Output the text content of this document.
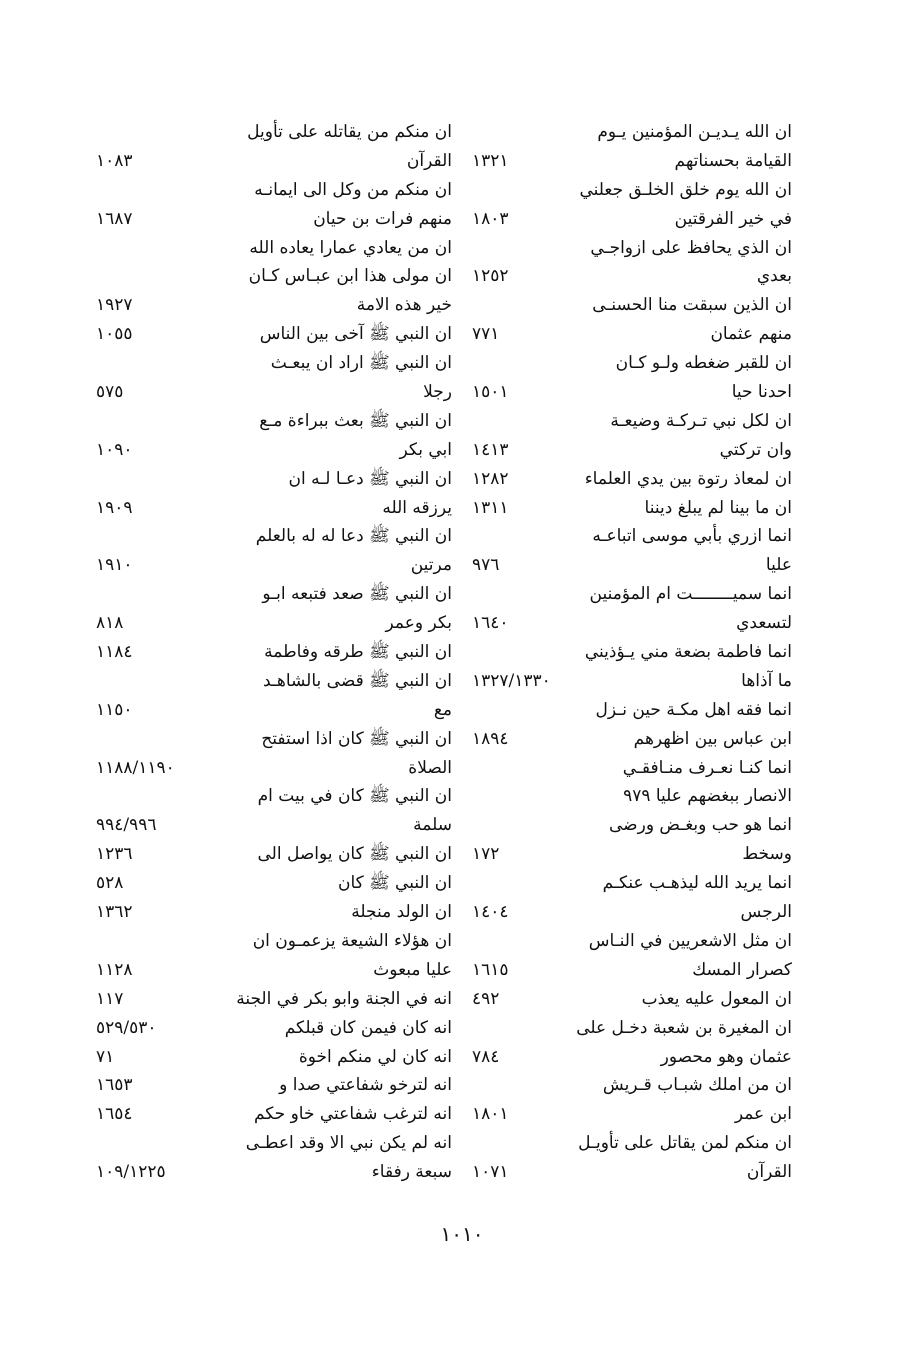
ان الله يـديـن المؤمنين يـوم
القيامة بحسناتهم
١٣٢١
ان الله يوم خلق الخلـق جعلني
في خير الفرقتين
١٨٠٣
ان الذي يحافظ على ازواجـي
بعدي
١٢٥٢
ان الذين سبقت منا الحسنـى
منهم عثمان
٧٧١
ان للقبر ضغطه ولـو كـان
احدنا حيا
١٥٠١
ان لكل نبي تـركـة وضيعـة
وان تركتي
١٤١٣
ان لمعاذ رتوة بين يدي العلماء
١٢٨٢
ان ما بينا لم يبلغ ديننا
١٣١١
انما ازري بأبي موسى اتباعـه
عليا
٩٧٦
انما سميــــــــت ام المؤمنين
لتسعدي
١٦٤٠
انما فاطمة بضعة مني يـؤذيني
ما آذاها
١٣٢٧/١٣٣٠
انما فقه اهل مكـة حين نـزل
ابن عباس بين اظهرهم
١٨٩٤
انما كنـا نعـرف منـافقـي
الانصار ببغضهم عليا ٩٧٩
انما هو حب وبغـض ورضى
وسخط
١٧٢
انما يريد الله ليذهـب عنكـم
الرجس
١٤٠٤
ان مثل الاشعريين في النـاس
كصرار المسك
١٦١٥
ان المعول عليه يعذب
٤٩٢
ان المغيرة بن شعبة دخـل على
عثمان وهو محصور
٧٨٤
ان من املك شبـاب قـريش
ابن عمر
١٨٠١
ان منكم لمن يقاتل على تأويـل
القرآن
١٠٧١
ان منكم من يقاتله على تأويل
القرآن
١٠٨٣
ان منكم من وكل الى ايمانـه
منهم فرات بن حيان
١٦٨٧
ان من يعادي عمارا يعاده الله
ان مولى هذا ابن عبـاس كـان
خير هذه الامة
١٩٢٧
ان النبي ﷺ آخى بين الناس
١٠٥٥
ان النبي ﷺ اراد ان يبعـث
رجلا
٥٧٥
ان النبي ﷺ بعث ببراءة مـع
ابي بكر
١٠٩٠
ان النبي ﷺ دعـا لـه ان
يرزقه الله
١٩٠٩
ان النبي ﷺ دعا له له بالعلم
مرتين
١٩١٠
ان النبي ﷺ صعد فتبعه ابـو
بكر وعمر
٨١٨
ان النبي ﷺ طرقه وفاطمة
١١٨٤
ان النبي ﷺ قضى بالشاهـد
مع
١١٥٠
ان النبي ﷺ كان اذا استفتح
الصلاة
١١٨٨/١١٩٠
ان النبي ﷺ كان في بيت ام
سلمة
٩٩٤/٩٩٦
ان النبي ﷺ كان يواصل الى
١٢٣٦
ان النبي ﷺ كان
٥٢٨
ان الولد منجلة
١٣٦٢
ان هؤلاء الشيعة يزعمـون ان
عليا مبعوث
١١٢٨
انه في الجنة وابو بكر في الجنة
١١٧
انه كان فيمن كان قبلكم
٥٢٩/٥٣٠
انه كان لي منكم اخوة
٧١
انه لترخو شفاعتي صدا و
١٦٥٣
انه لترغب شفاعتي خاو حكم
١٦٥٤
انه لم يكن نبي الا وقد اعطـى
سبعة رفقاء
١٠٩/١٢٢٥
١٠١٠
